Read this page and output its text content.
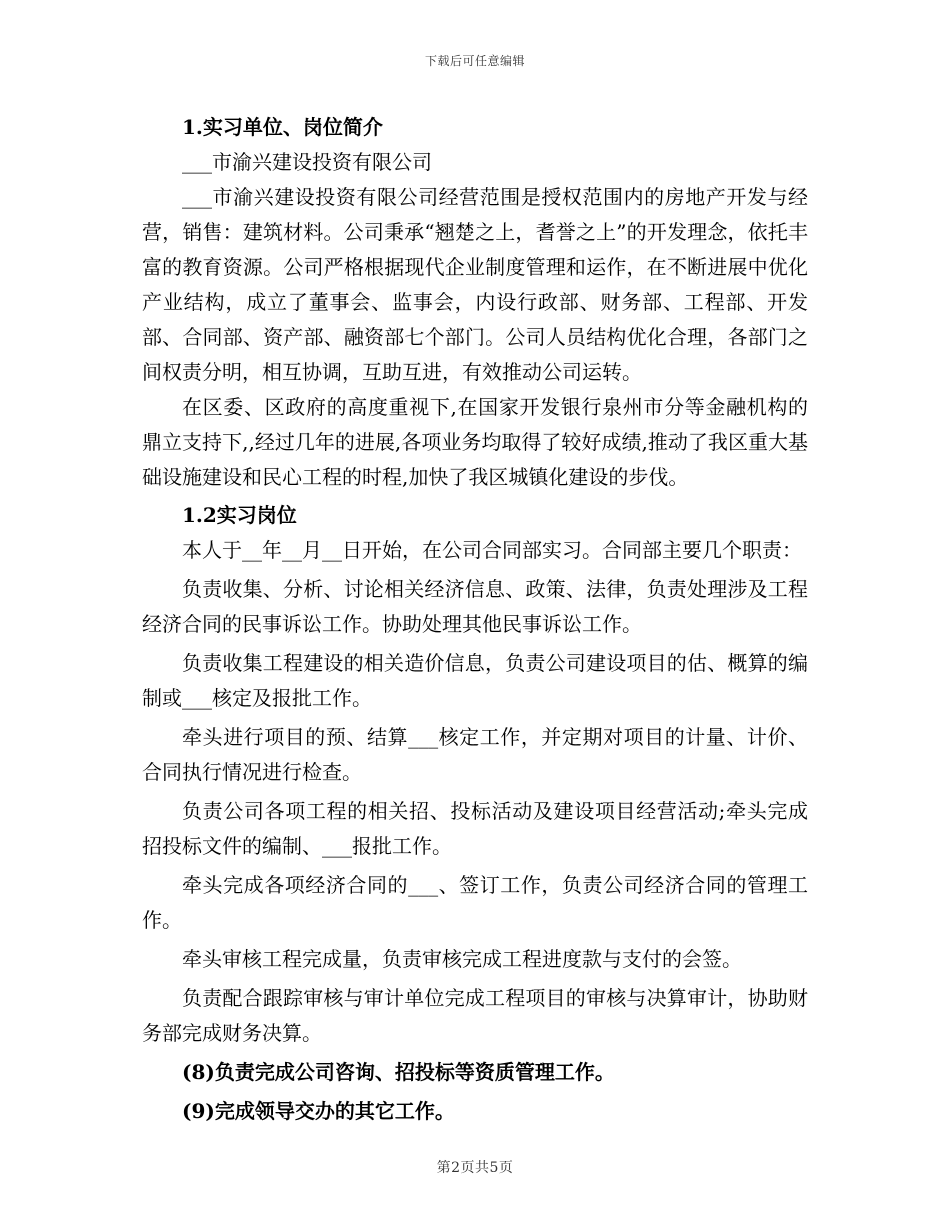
下载后可任意编辑

1.实习单位、岗位简介

___市渝兴建设投资有限公司

___市渝兴建设投资有限公司经营范围是授权范围内的房地产开发与经营，销售：建筑材料。公司秉承“翘楚之上，耆誉之上”的开发理念，依托丰富的教育资源。公司严格根据现代企业制度管理和运作，在不断进展中优化产业结构，成立了董事会、监事会，内设行政部、财务部、工程部、开发部、合同部、资产部、融资部七个部门。公司人员结构优化合理，各部门之间权责分明，相互协调，互助互进，有效推动公司运转。

在区委、区政府的高度重视下,在国家开发银行泉州市分等金融机构的鼎立支持下,,经过几年的进展,各项业务均取得了较好成绩,推动了我区重大基础设施建设和民心工程的时程,加快了我区城镇化建设的步伐。

1.2实习岗位

本人于__年__月__日开始，在公司合同部实习。合同部主要几个职责：

负责收集、分析、讨论相关经济信息、政策、法律，负责处理涉及工程经济合同的民事诉讼工作。协助处理其他民事诉讼工作。

负责收集工程建设的相关造价信息，负责公司建设项目的估、概算的编制或___核定及报批工作。

牵头进行项目的预、结算___核定工作，并定期对项目的计量、计价、合同执行情况进行检查。

负责公司各项工程的相关招、投标活动及建设项目经营活动;牵头完成招投标文件的编制、___报批工作。

牵头完成各项经济合同的___、签订工作，负责公司经济合同的管理工作。

牵头审核工程完成量，负责审核完成工程进度款与支付的会签。

负责配合跟踪审核与审计单位完成工程项目的审核与决算审计，协助财务部完成财务决算。

(8)负责完成公司咨询、招投标等资质管理工作。

(9)完成领导交办的其它工作。

第2页共5页
